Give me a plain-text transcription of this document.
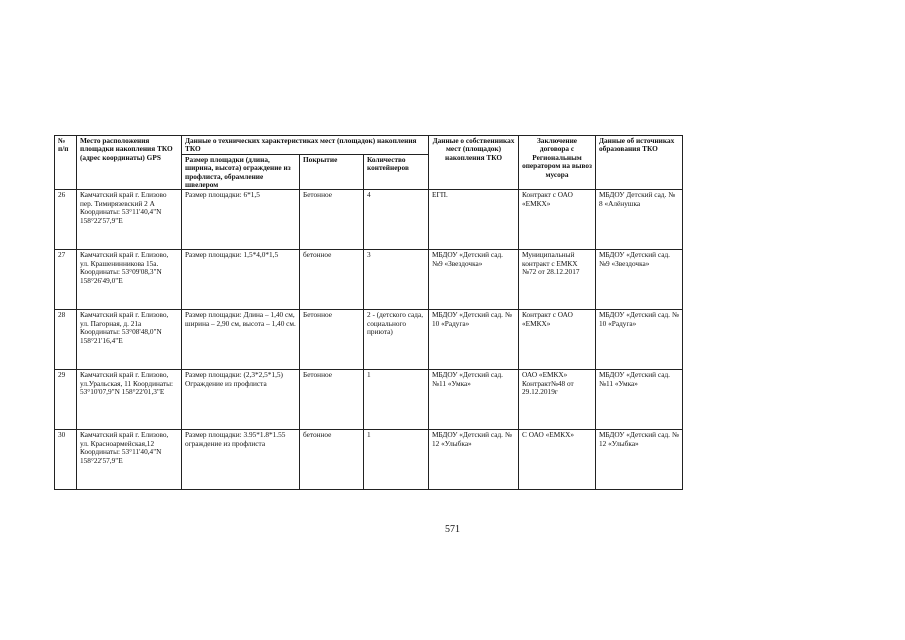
№ п/п	Место расположения площадки накопления ТКО (адрес координаты) GPS	Данные о технических характеристиках мест (площадок) накопления ТКО			Данные о собственниках мест (площадок) накопления ТКО	Заключение договора с Региональным оператором на вывоз мусора	Данные об источниках образования ТКО
		Размер площадки (длина, ширина, высота) ограждение из профлиста, обрамление швелером	Покрытие	Количество контейнеров			
26	Камчатский край г. Елизово пер. Тимирязевский 2 А Координаты: 53°11'40,4"N 158°22'57,9"E	Размер площадки: 6*1,5	Бетонное	4	ЕГП.	Контракт с ОАО «ЕМКХ»	МБДОУ Детский сад. № 8 «Алёнушка
27	Камчатский край г. Елизово, ул. Крашенинникова 15а. Координаты: 53°09'08,3"N 158°26'49,0"E	Размер площадки: 1,5*4,0*1,5	бетонное	3	МБДОУ «Детский сад. №9 «Звездочка»	Муниципальный контракт с ЕМКХ №72 от 28.12.2017	МБДОУ «Детский сад. №9 «Звездочка»
28	Камчатский край г. Елизово, ул. Пагорная, д. 21а Координаты: 53°08'48,0"N 158°21'16,4"E	Размер площадки: Длина – 1,40 см, ширина – 2,90 см, высота – 1,40 см.	Бетонное	2 - (детского сада, социального приюта)	МБДОУ «Детский сад. № 10 «Радуга»	Контракт с ОАО «ЕМКХ»	МБДОУ «Детский сад. № 10 «Радуга»
29	Камчатский край г. Елизово, ул.Уральская, 11 Координаты: 53°10'07,9"N 158°22'01,3"E	Размер площадки: (2,3*2,5*1,5) Ограждение из профлиста	Бетонное	1	МБДОУ «Детский сад. №11 «Умка»	ОАО «ЕМКХ» Контракт№48 от 29.12.2019г	МБДОУ «Детский сад. №11 «Умка»
30	Камчатский край г. Елизово, ул. Красноармейская,12 Координаты: 53°11'40,4"N 158°22'57,9"E	Размер площадки: 3.95*1.8*1.55 ограждение из профлиста	бетонное	1	МБДОУ «Детский сад. № 12 «Улыбка»	С ОАО «ЕМКХ»	МБДОУ «Детский сад. № 12 «Улыбка»
571
